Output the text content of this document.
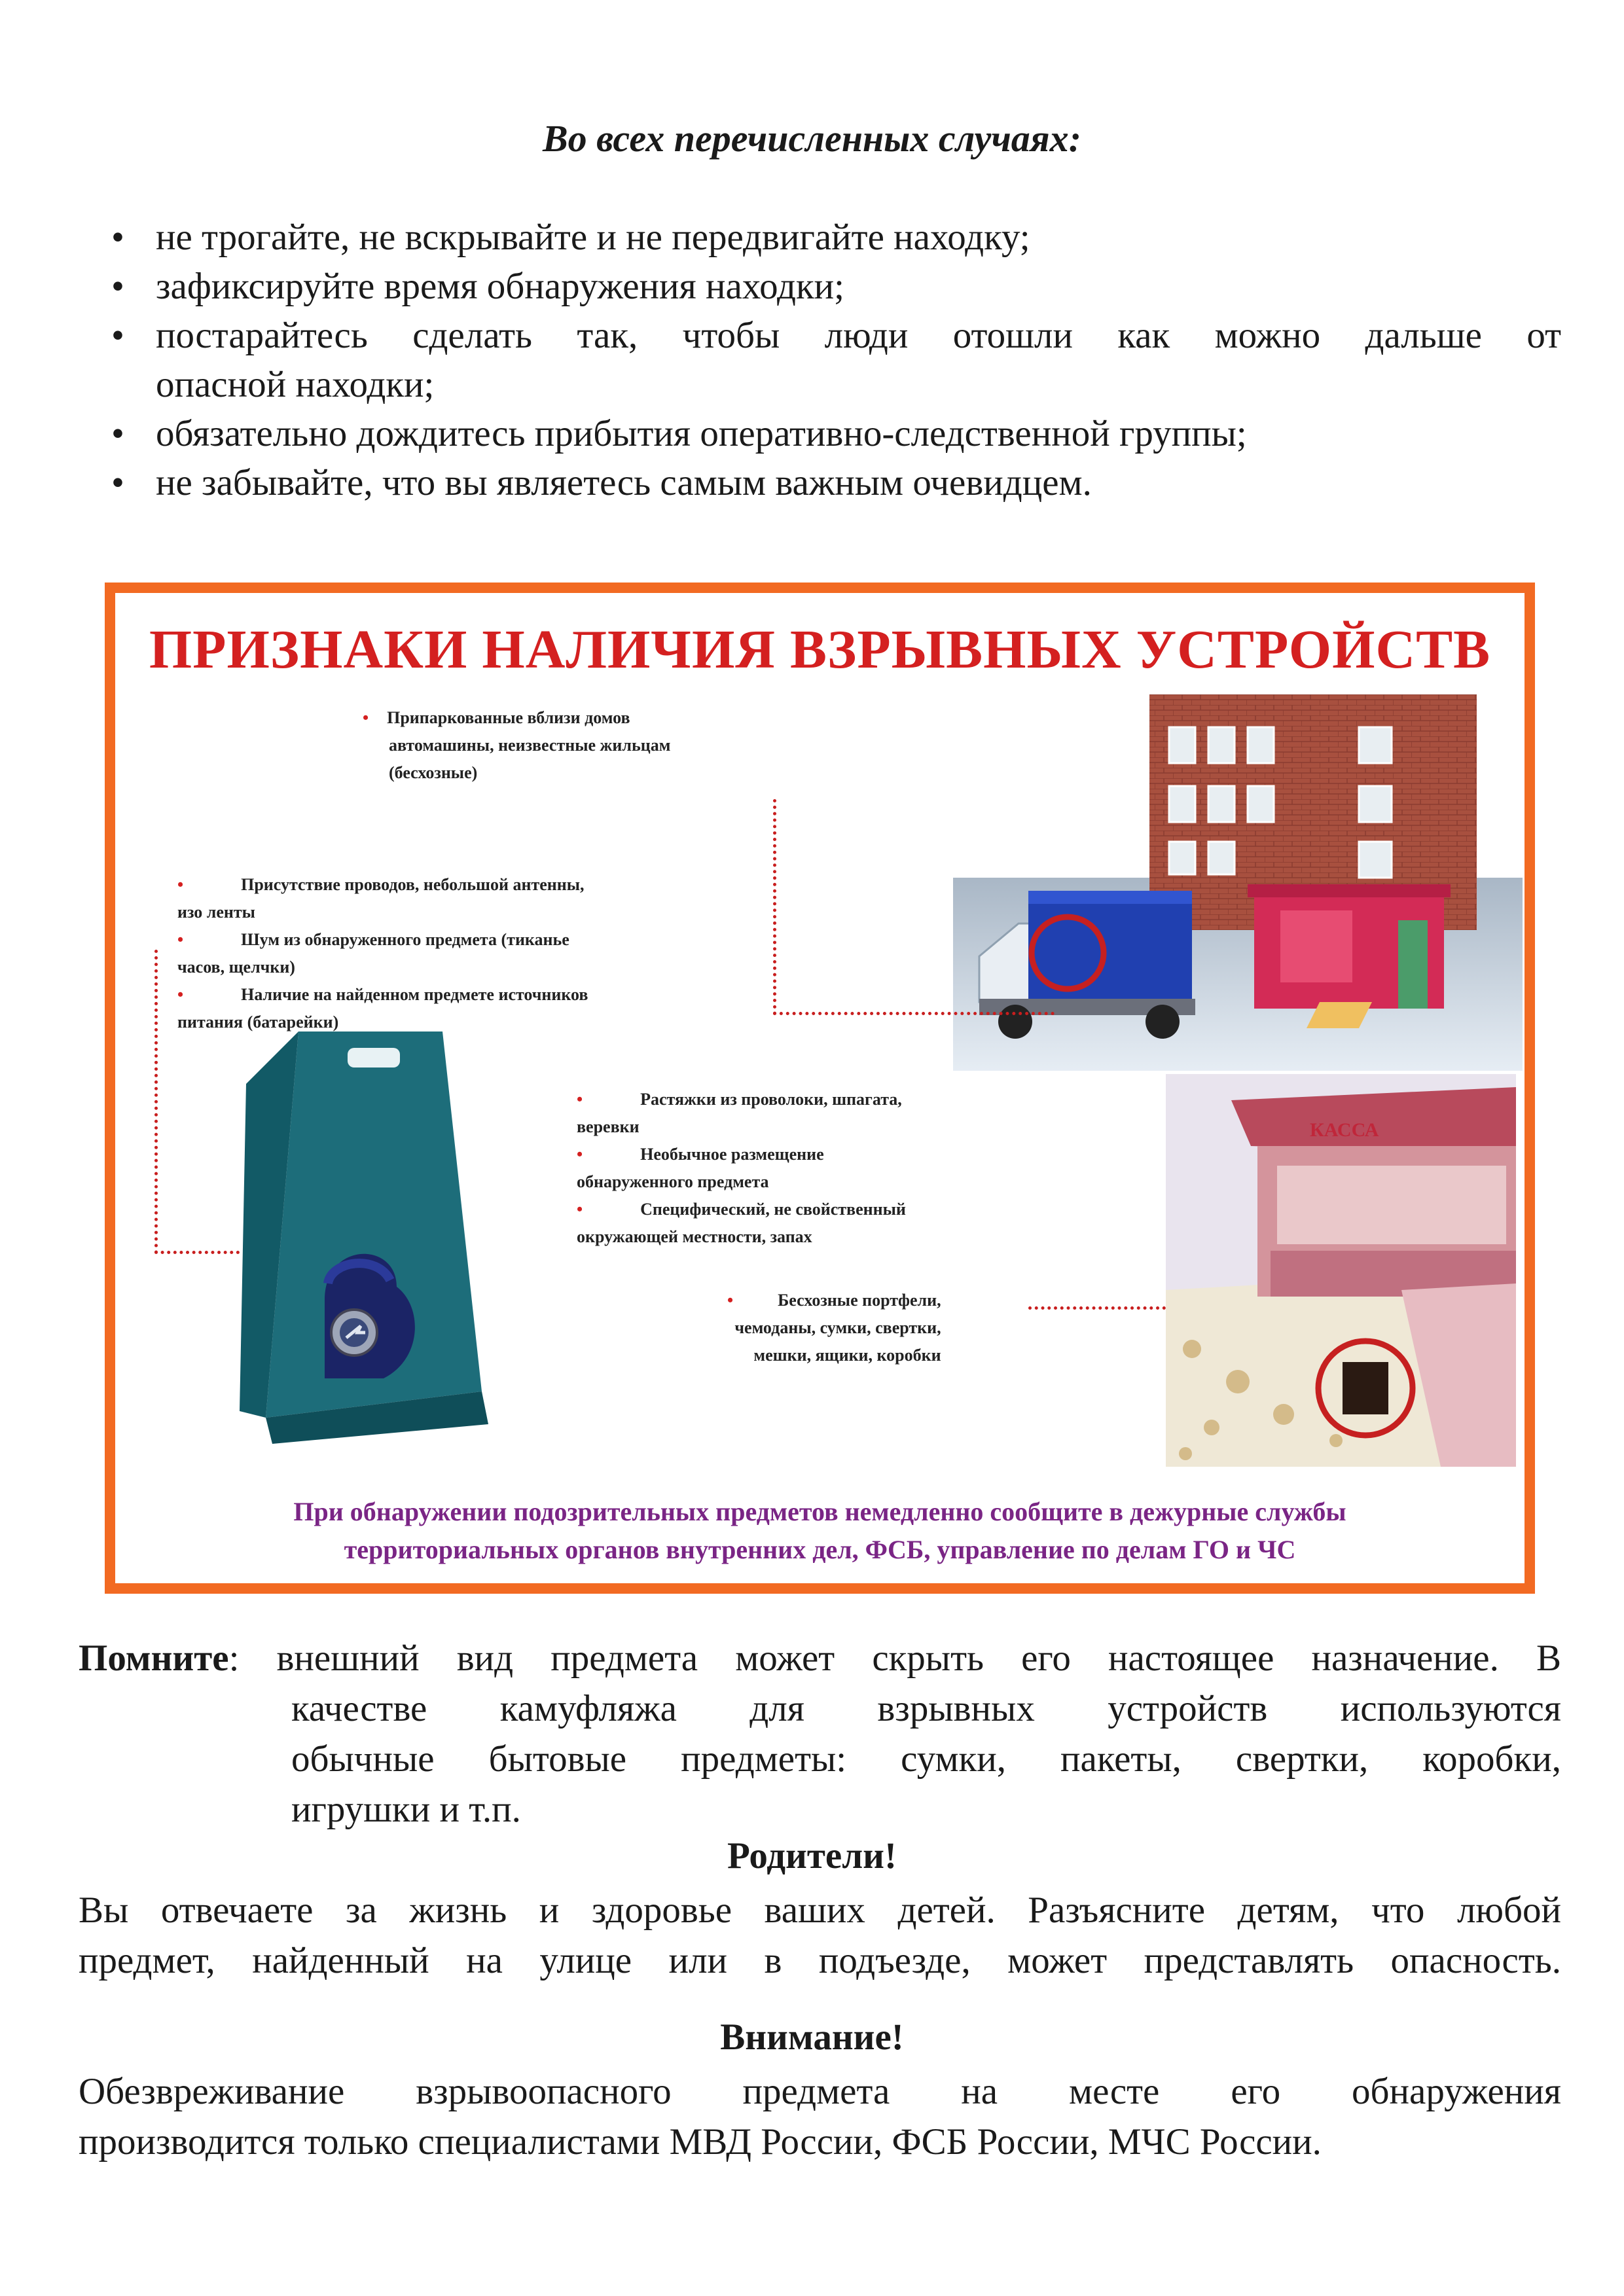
Во всех перечисленных случаях:
• не трогайте, не вскрывайте и не передвигайте находку;
• зафиксируйте время обнаружения находки;
• постарайтесь сделать так, чтобы люди отошли как можно дальше от
опасной находки;
• обязательно дождитесь прибытия оперативно-следственной группы;
• не забывайте, что вы являетесь самым важным очевидцем.
ПРИЗНАКИ НАЛИЧИЯ ВЗРЫВНЫХ УСТРОЙСТВ
КАССА
• Припаркованные вблизи домов
автомашины, неизвестные жильцам
(бесхозные)
•	Присутствие проводов, небольшой антенны,
изо ленты
•	Шум из обнаруженного предмета (тиканье
часов, щелчки)
•	Наличие на найденном предмете источников
питания (батарейки)
•	Растяжки из проволоки, шпагата,
веревки
•	Необычное размещение
обнаруженного предмета
•	Специфический, не свойственный
окружающей местности, запах
•	Бесхозные портфели,
чемоданы, сумки, свертки,
мешки, ящики, коробки
При обнаружении подозрительных предметов немедленно сообщите в дежурные службы
территориальных органов внутренних дел, ФСБ, управление по делам ГО и ЧС
Помните: внешний вид предмета может скрыть его настоящее назначение. В
качестве камуфляжа для взрывных устройств используются
обычные бытовые предметы: сумки, пакеты, свертки, коробки,
игрушки и т.п.
Родители!
Вы отвечаете за жизнь и здоровье ваших детей. Разъясните детям, что любой
предмет, найденный на улице или в подъезде, может представлять опасность.
Внимание!
Обезвреживание взрывоопасного предмета на месте его обнаружения
производится только специалистами МВД России, ФСБ России, МЧС России.
